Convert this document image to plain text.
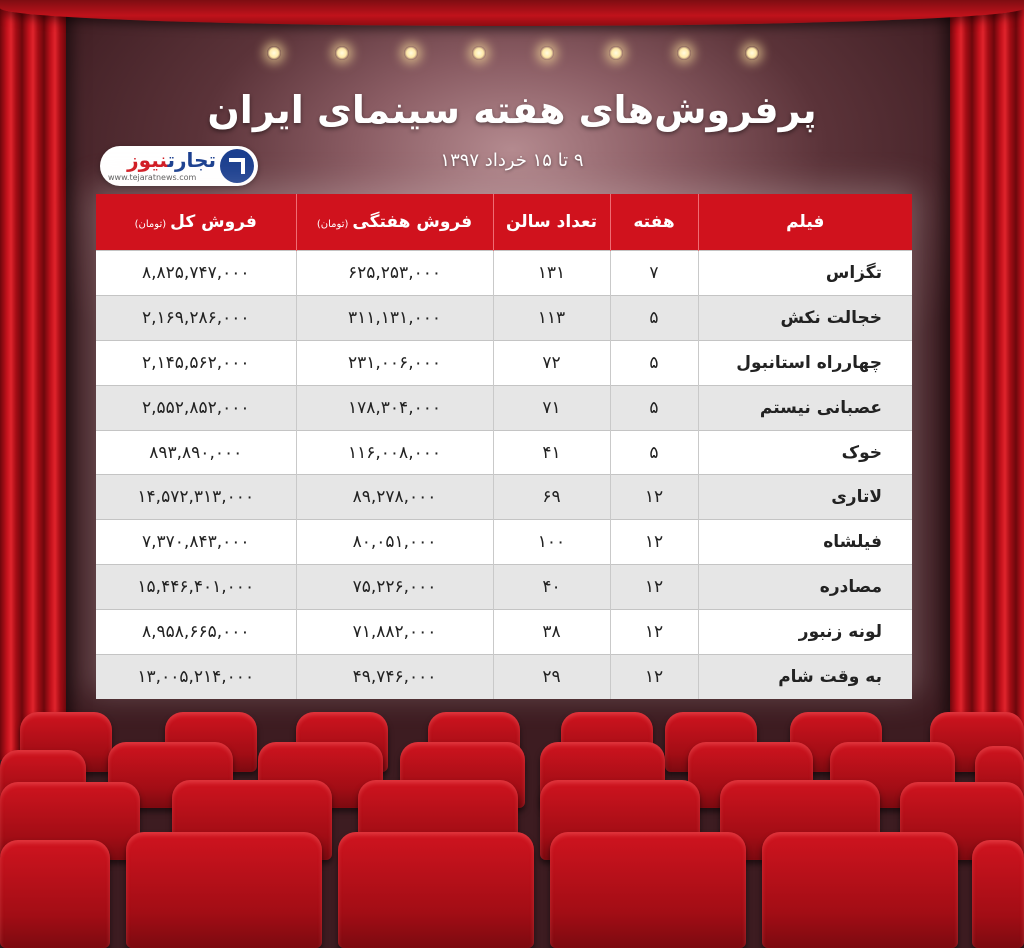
پرفروش‌های هفته سینمای ایران
۹ تا ۱۵ خرداد ۱۳۹۷
تجارتنیوز
www.tejaratnews.com
فیلم	هفته	تعداد سالن	فروش هفتگی(تومان)	فروش کل(تومان)
تگزاس	۷	۱۳۱	۶۲۵,۲۵۳,۰۰۰	۸,۸۲۵,۷۴۷,۰۰۰
خجالت نکش	۵	۱۱۳	۳۱۱,۱۳۱,۰۰۰	۲,۱۶۹,۲۸۶,۰۰۰
چهارراه استانبول	۵	۷۲	۲۳۱,۰۰۶,۰۰۰	۲,۱۴۵,۵۶۲,۰۰۰
عصبانی نیستم	۵	۷۱	۱۷۸,۳۰۴,۰۰۰	۲,۵۵۲,۸۵۲,۰۰۰
خوک	۵	۴۱	۱۱۶,۰۰۸,۰۰۰	۸۹۳,۸۹۰,۰۰۰
لاتاری	۱۲	۶۹	۸۹,۲۷۸,۰۰۰	۱۴,۵۷۲,۳۱۳,۰۰۰
فیلشاه	۱۲	۱۰۰	۸۰,۰۵۱,۰۰۰	۷,۳۷۰,۸۴۳,۰۰۰
مصادره	۱۲	۴۰	۷۵,۲۲۶,۰۰۰	۱۵,۴۴۶,۴۰۱,۰۰۰
لونه زنبور	۱۲	۳۸	۷۱,۸۸۲,۰۰۰	۸,۹۵۸,۶۶۵,۰۰۰
به وقت شام	۱۲	۲۹	۴۹,۷۴۶,۰۰۰	۱۳,۰۰۵,۲۱۴,۰۰۰
